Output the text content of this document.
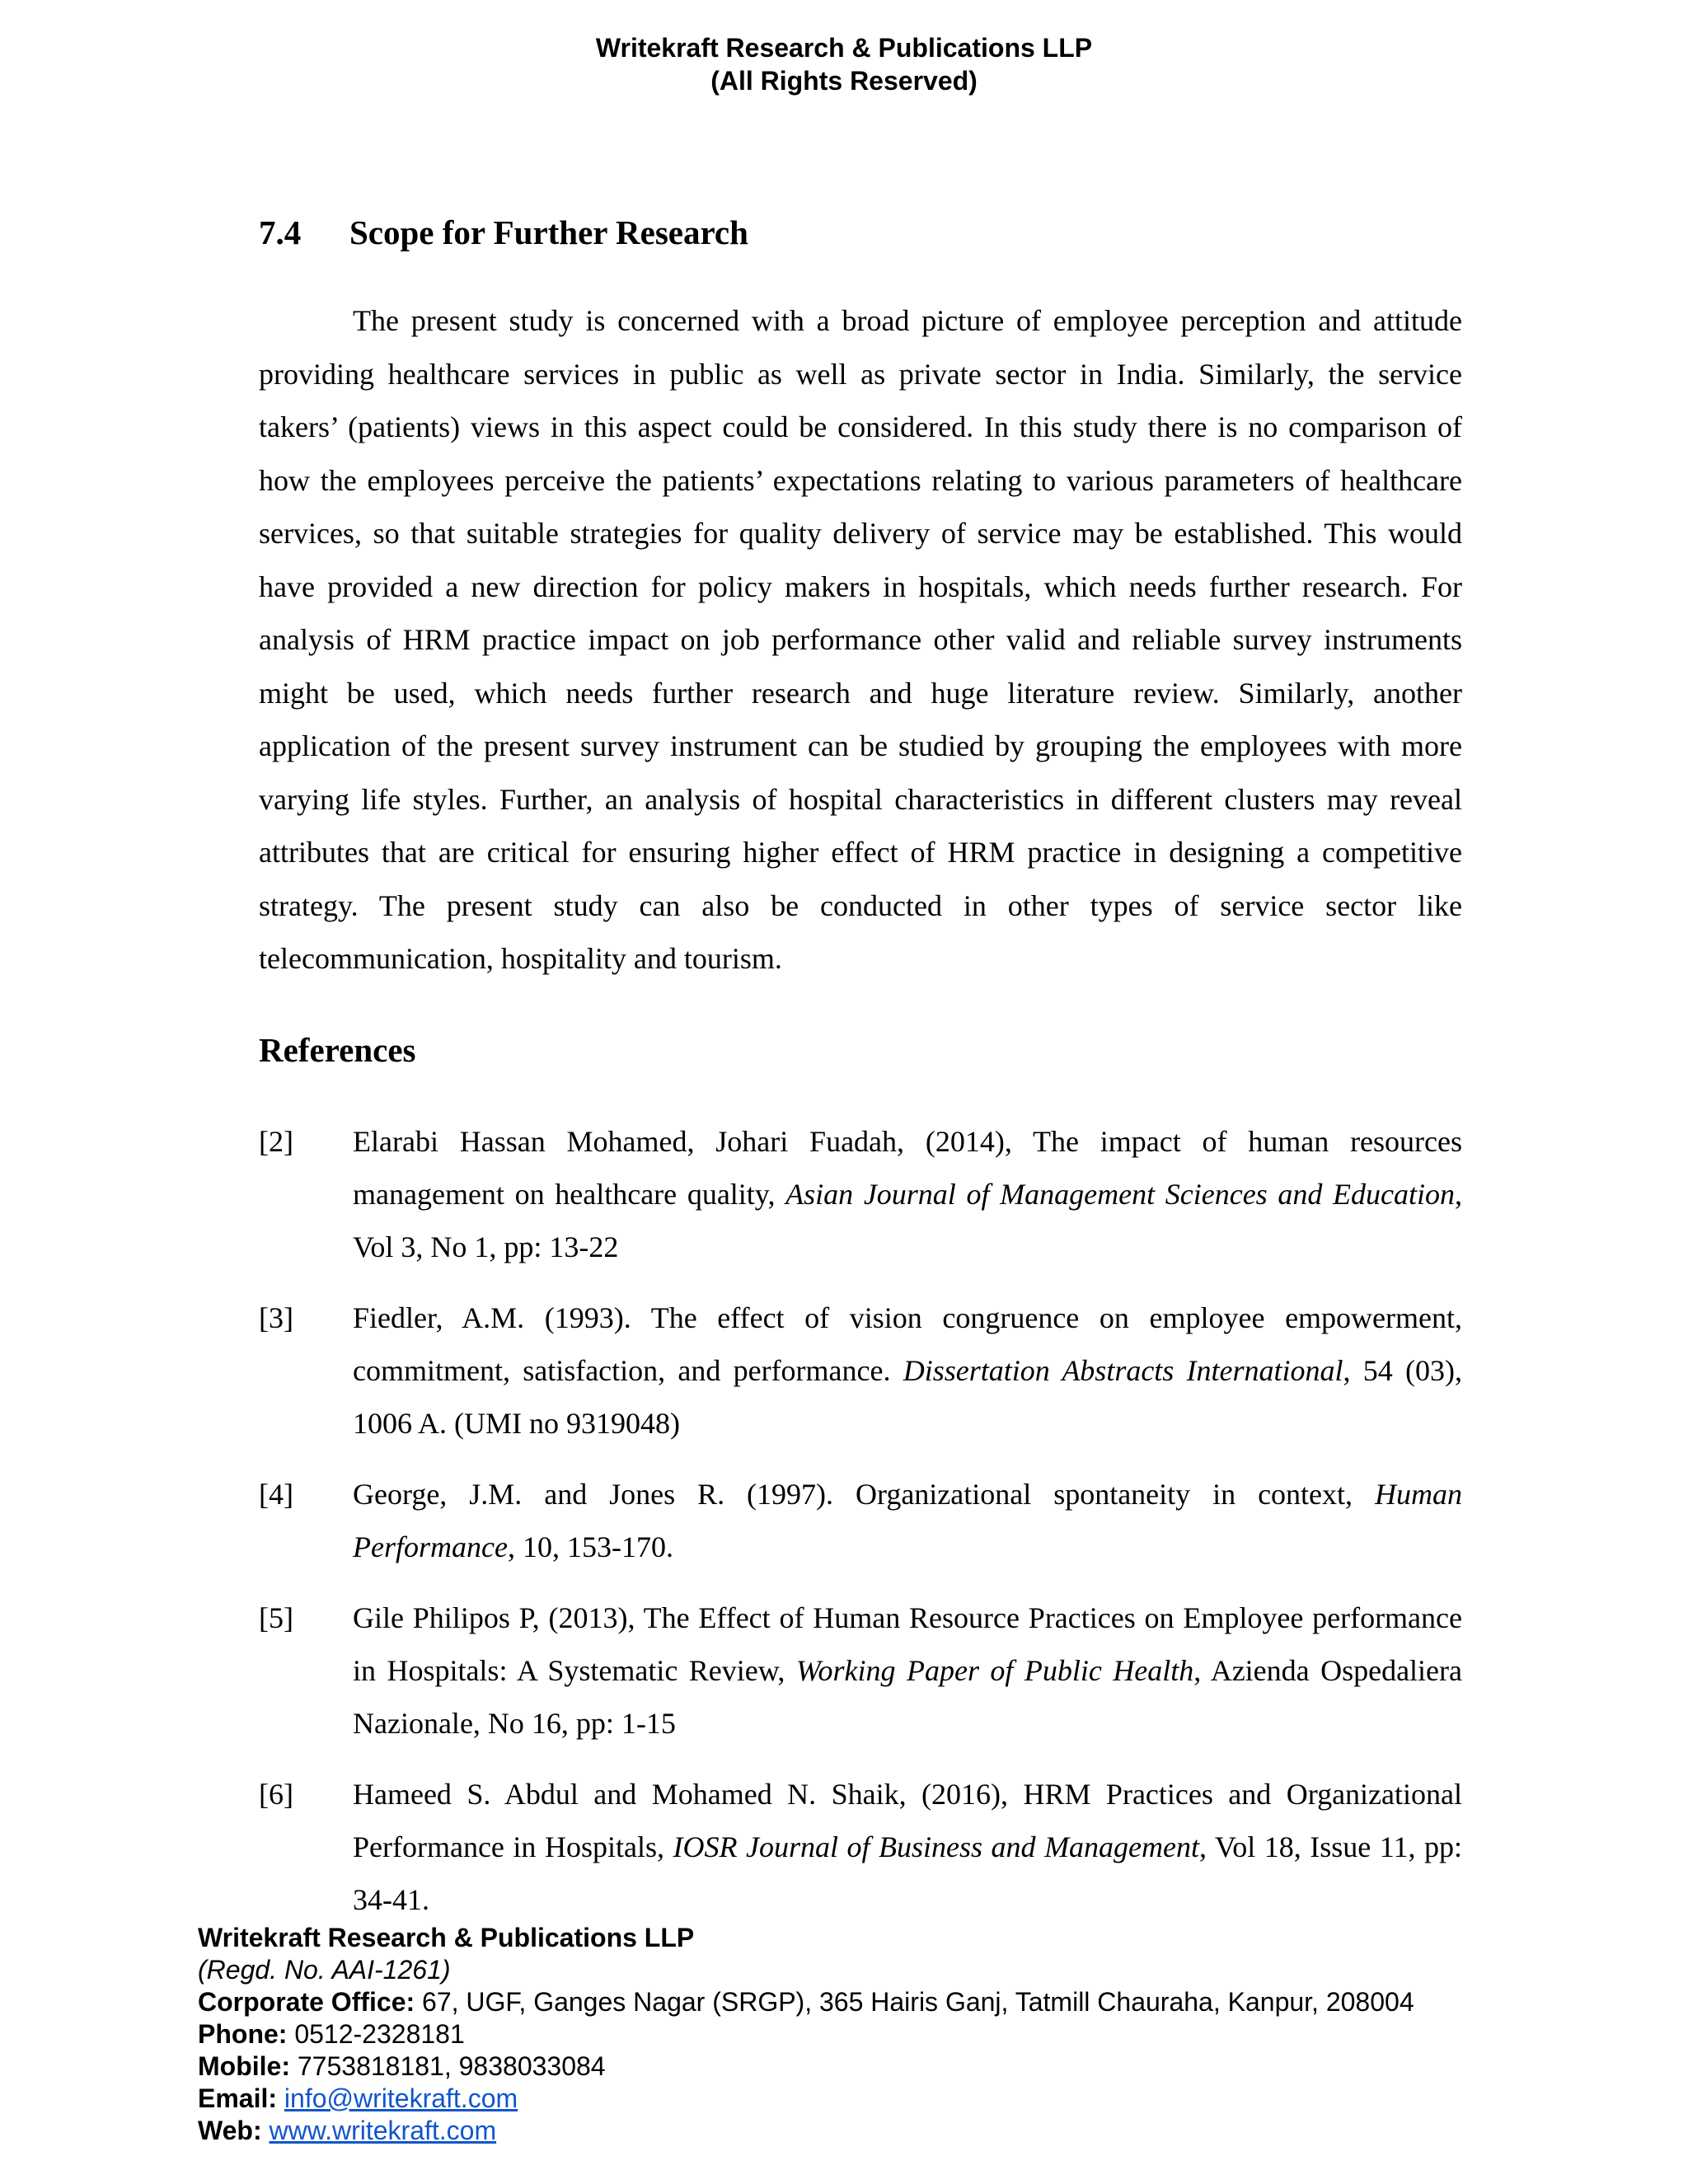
Writekraft Research & Publications LLP
(All Rights Reserved)
7.4 Scope for Further Research

The present study is concerned with a broad picture of employee perception and attitude providing healthcare services in public as well as private sector in India. Similarly, the service takers’ (patients) views in this aspect could be considered. In this study there is no comparison of how the employees perceive the patients’ expectations relating to various parameters of healthcare services, so that suitable strategies for quality delivery of service may be established. This would have provided a new direction for policy makers in hospitals, which needs further research. For analysis of HRM practice impact on job performance other valid and reliable survey instruments might be used, which needs further research and huge literature review. Similarly, another application of the present survey instrument can be studied by grouping the employees with more varying life styles. Further, an analysis of hospital characteristics in different clusters may reveal attributes that are critical for ensuring higher effect of HRM practice in designing a competitive strategy. The present study can also be conducted in other types of service sector like telecommunication, hospitality and tourism.

References
[2] Elarabi Hassan Mohamed, Johari Fuadah, (2014), The impact of human resources management on healthcare quality, Asian Journal of Management Sciences and Education, Vol 3, No 1, pp: 13-22
[3] Fiedler, A.M. (1993). The effect of vision congruence on employee empowerment, commitment, satisfaction, and performance. Dissertation Abstracts International, 54 (03), 1006 A. (UMI no 9319048)
[4] George, J.M. and Jones R. (1997). Organizational spontaneity in context, Human Performance, 10, 153-170.
[5] Gile Philipos P, (2013), The Effect of Human Resource Practices on Employee performance in Hospitals: A Systematic Review, Working Paper of Public Health, Azienda Ospedaliera Nazionale, No 16, pp: 1-15
[6] Hameed S. Abdul and Mohamed N. Shaik, (2016), HRM Practices and Organizational Performance in Hospitals, IOSR Journal of Business and Management, Vol 18, Issue 11, pp: 34-41.
Writekraft Research & Publications LLP
(Regd. No. AAI-1261)
Corporate Office: 67, UGF, Ganges Nagar (SRGP), 365 Hairis Ganj, Tatmill Chauraha, Kanpur, 208004
Phone: 0512-2328181
Mobile: 7753818181, 9838033084
Email: info@writekraft.com
Web: www.writekraft.com
